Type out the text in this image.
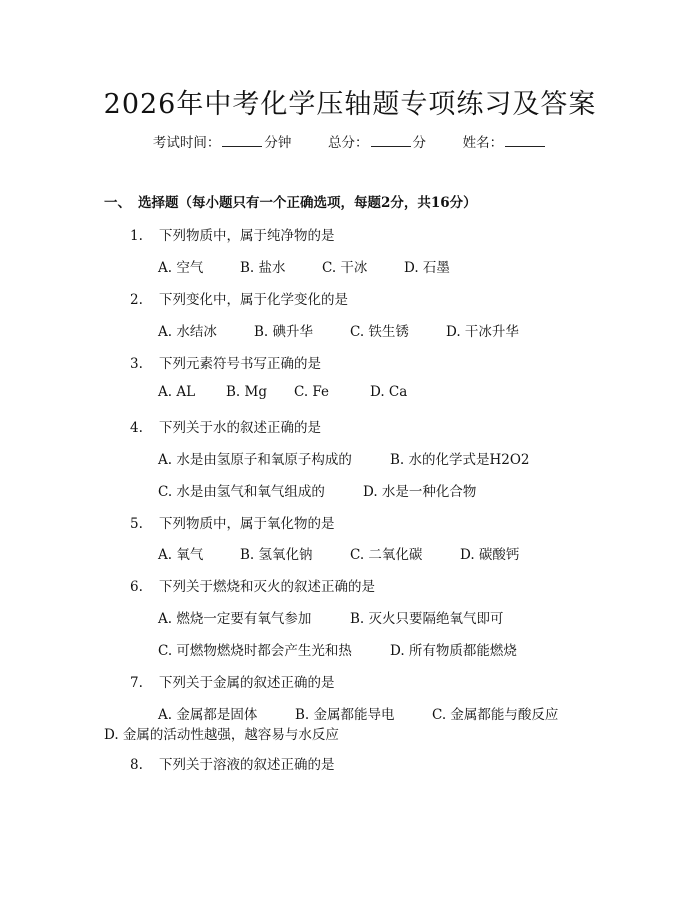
2026年中考化学压轴题专项练习及答案
考试时间：	分钟	总分：	分	姓名：
一、 选择题（每小题只有一个正确选项，每题2分，共16分）
1. 下列物质中，属于纯净物的是
A. 空气	B. 盐水	C. 干冰	D. 石墨
2. 下列变化中，属于化学变化的是
A. 水结冰	B. 碘升华	C. 铁生锈	D. 干冰升华
3. 下列元素符号书写正确的是
A. AL B. Mg C. Fe	D. Ca
4. 下列关于水的叙述正确的是
A. 水是由氢原子和氧原子构成的	B. 水的化学式是H2O2
C. 水是由氢气和氧气组成的	D. 水是一种化合物
5. 下列物质中，属于氧化物的是
A. 氧气	B. 氢氧化钠	C. 二氧化碳	D. 碳酸钙
6. 下列关于燃烧和灭火的叙述正确的是
A. 燃烧一定要有氧气参加	B. 灭火只要隔绝氧气即可
C. 可燃物燃烧时都会产生光和热	D. 所有物质都能燃烧
7. 下列关于金属的叙述正确的是
A. 金属都是固体	B. 金属都能导电	C. 金属都能与酸反应
D. 金属的活动性越强，越容易与水反应
8. 下列关于溶液的叙述正确的是
